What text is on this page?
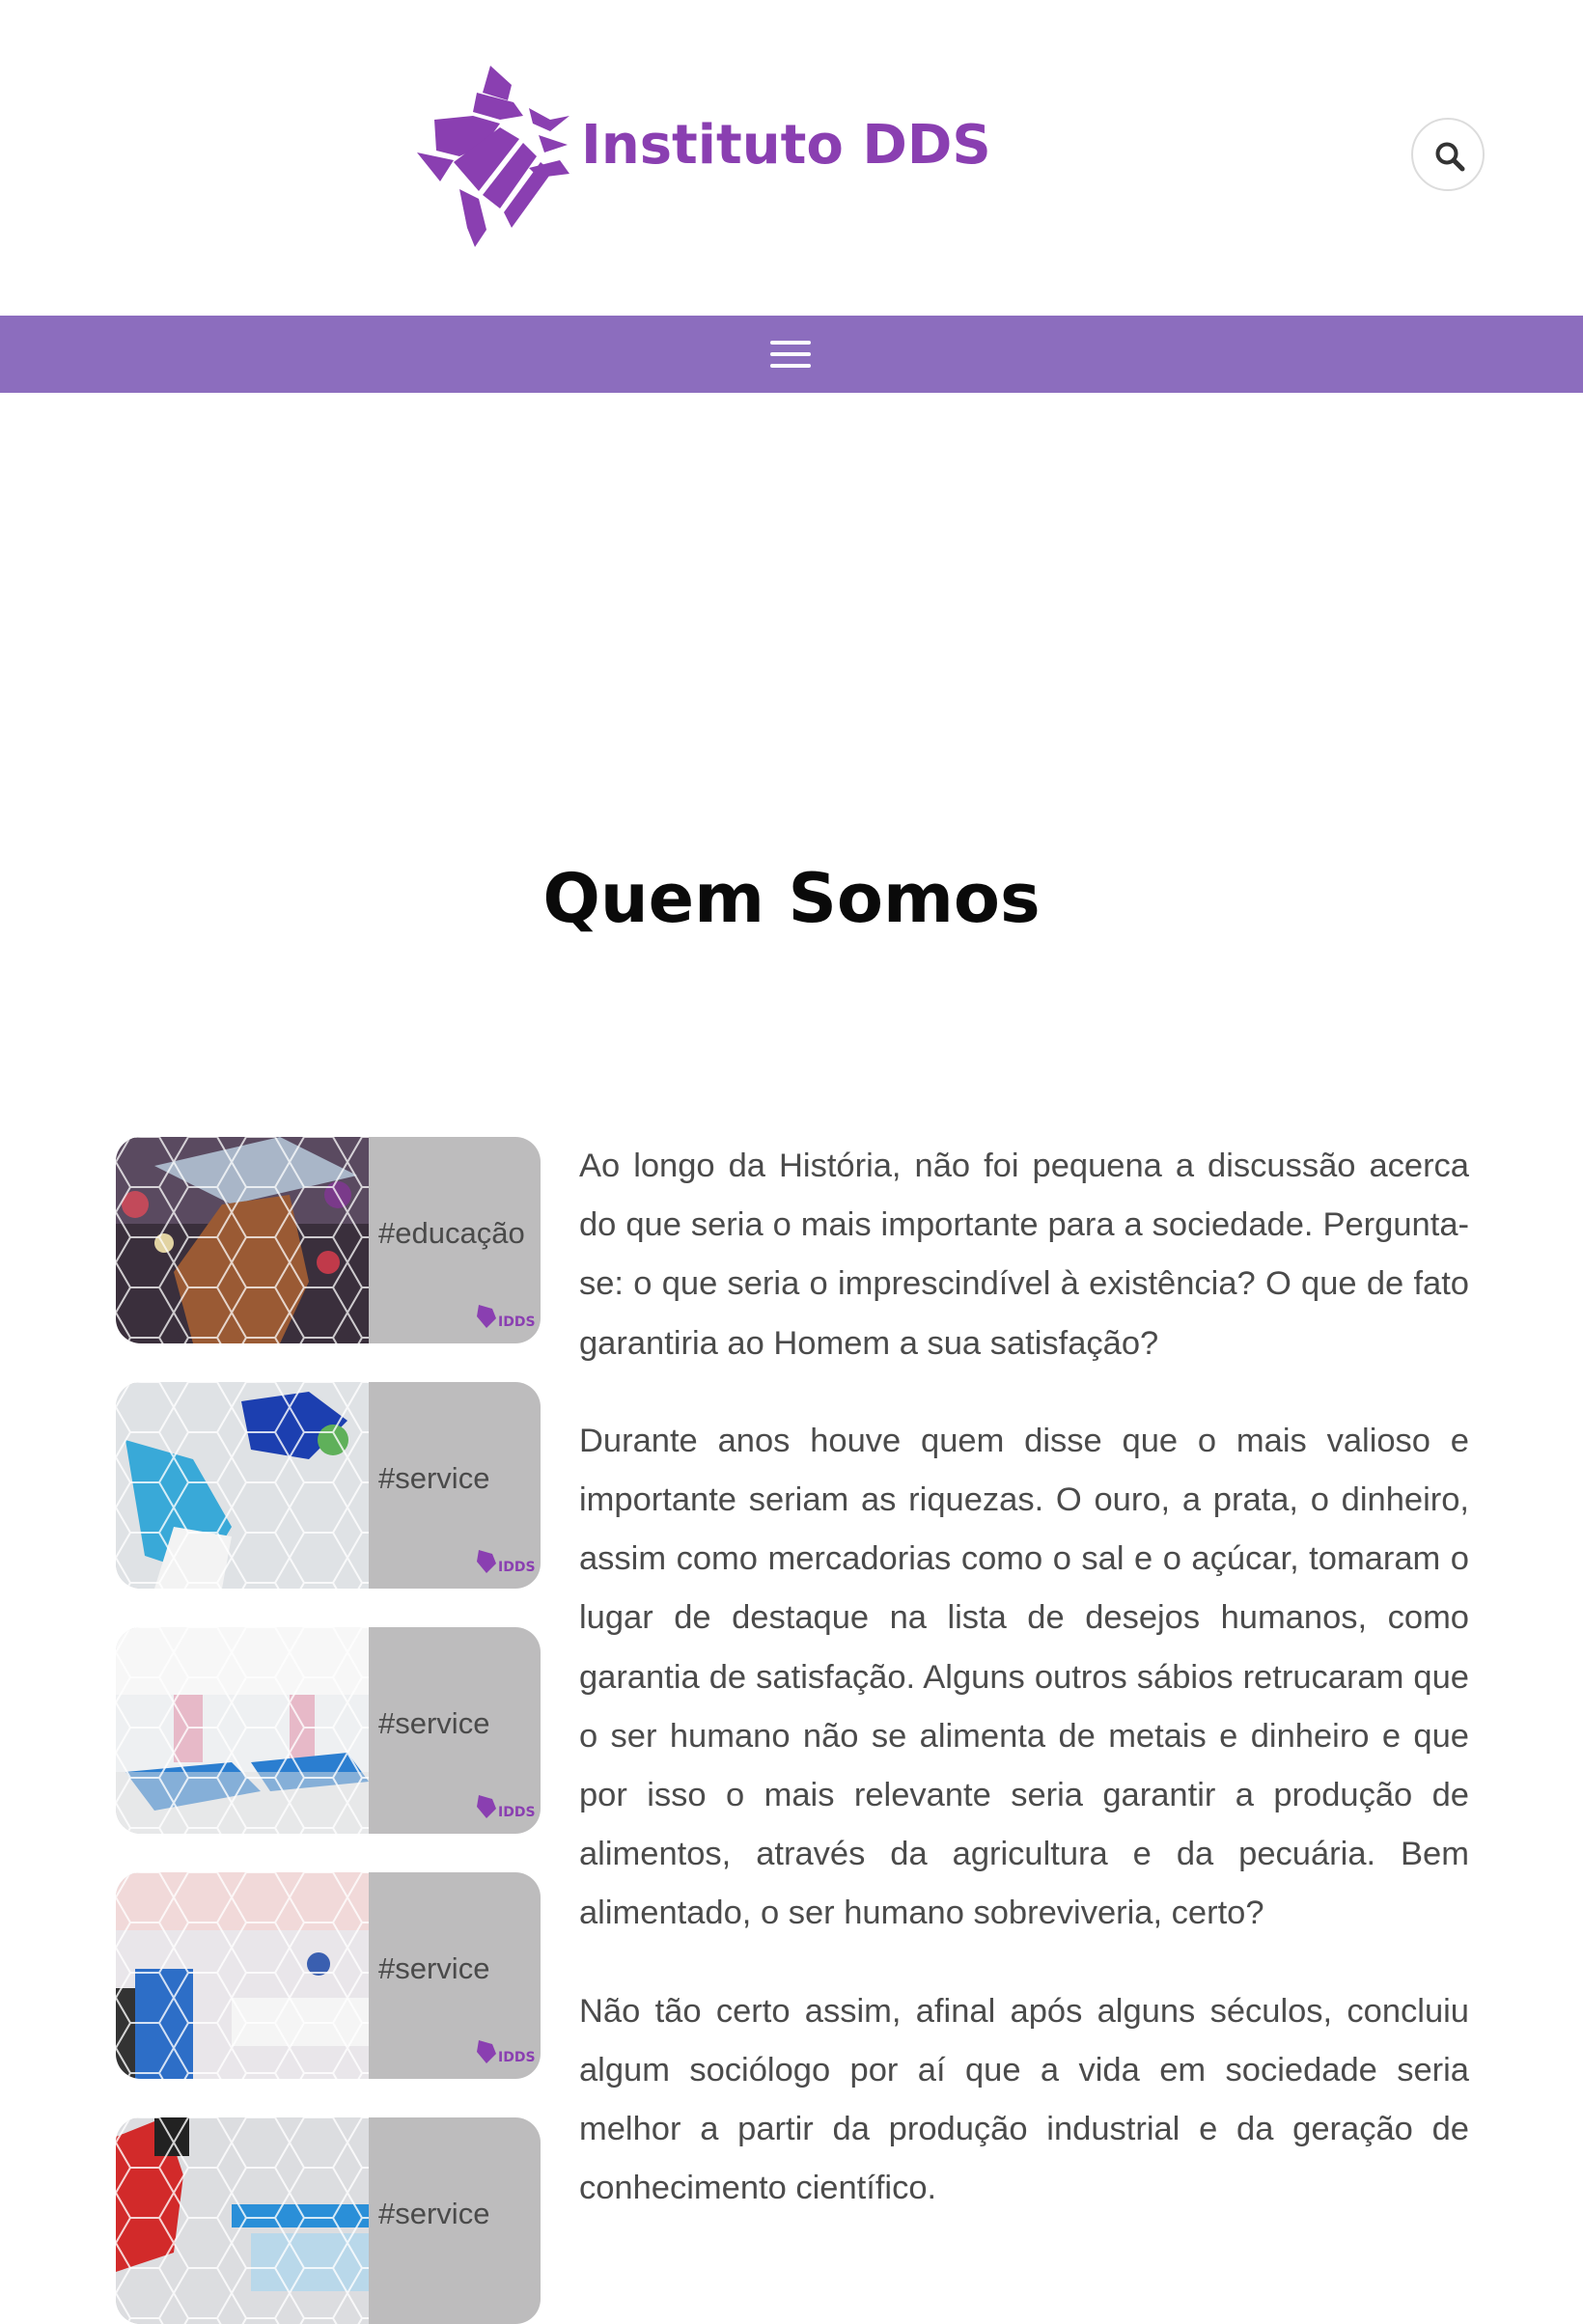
Instituto DDS
Quem Somos
#educação
IDDS
#service
IDDS
#service
IDDS
#service
IDDS
#service

Ao longo da História, não foi pequena a discussão acerca do que seria o mais importante para a sociedade. Pergunta-se: o que seria o imprescindível à existência? O que de fato garantiria ao Homem a sua satisfação?

Durante anos houve quem disse que o mais valioso e importante seriam as riquezas. O ouro, a prata, o dinheiro, assim como mercadorias como o sal e o açúcar, tomaram o lugar de destaque na lista de desejos humanos, como garantia de satisfação. Alguns outros sábios retrucaram que o ser humano não se alimenta de metais e dinheiro e que por isso o mais relevante seria garantir a produção de alimentos, através da agricultura e da pecuária. Bem alimentado, o ser humano sobreviveria, certo?

Não tão certo assim, afinal após alguns séculos, concluiu algum sociólogo por aí que a vida em sociedade seria melhor a partir da produção industrial e da geração de conhecimento científico.
